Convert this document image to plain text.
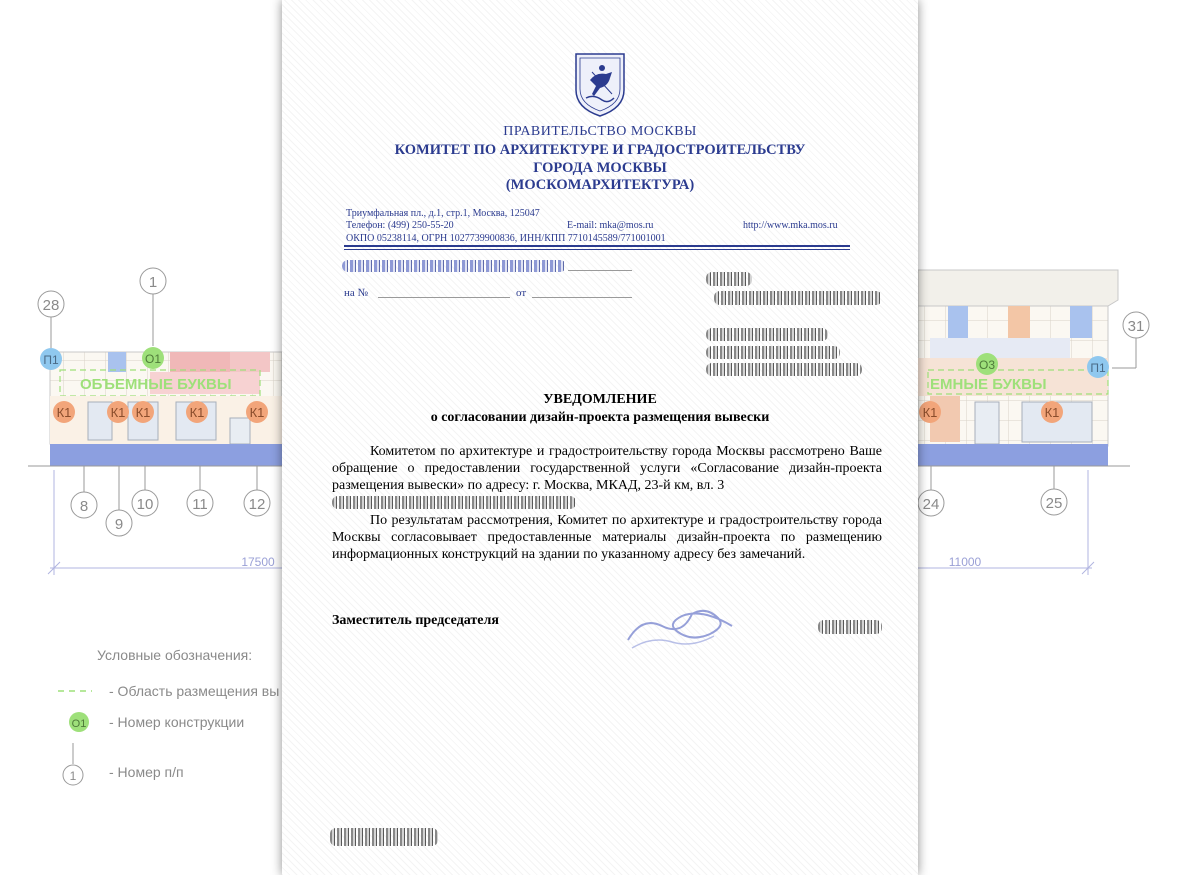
ОБЪЕМНЫЕ БУКВЫ	ЕМНЫЕ БУКВЫ
28
1
31
П1	О1	О3	П1
К1	К1 К1	К1	К1	К1	К1
8
9
10	11	12	24	25
17500	11000
О1
1
Условные обозначения:
- Область размещения вы
- Номер конструкции
- Номер п/п
ПРАВИТЕЛЬСТВО МОСКВЫ
КОМИТЕТ ПО АРХИТЕКТУРЕ И ГРАДОСТРОИТЕЛЬСТВУ
ГОРОДА МОСКВЫ
(МОСКОМАРХИТЕКТУРА)
Триумфальная пл., д.1, стр.1, Москва, 125047
Телефон: (499) 250-55-20	E-mail: mka@mos.ru	http://www.mka.mos.ru
ОКПО 05238114, ОГРН 1027739900836, ИНН/КПП 7710145589/771001001
на №	от
УВЕДОМЛЕНИЕ
о согласовании дизайн-проекта размещения вывески
Комитетом по архитектуре и градостроительству города Москвы рассмотрено Ваше обращение о предоставлении государственной услуги «Согласование дизайн-проекта размещения вывески» по адресу: г. Москва, МКАД, 23-й км, вл. 3
По результатам рассмотрения, Комитет по архитектуре и градостроительству города Москвы согласовывает предоставленные материалы дизайн-проекта по размещению информационных конструкций на здании по указанному адресу без замечаний.
Заместитель председателя
